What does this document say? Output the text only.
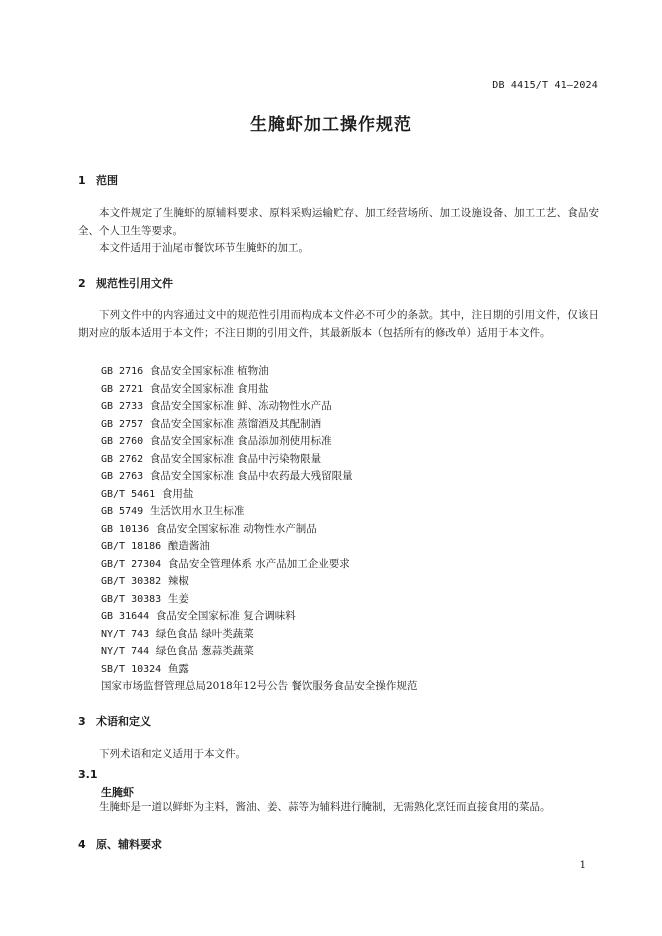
DB 4415/T 41—2024
生腌虾加工操作规范
1 范围

本文件规定了生腌虾的原辅料要求、原料采购运输贮存、加工经营场所、加工设施设备、加工工艺、食品安全、个人卫生等要求。

本文件适用于汕尾市餐饮环节生腌虾的加工。

2 规范性引用文件

下列文件中的内容通过文中的规范性引用而构成本文件必不可少的条款。其中，注日期的引用文件，仅该日期对应的版本适用于本文件；不注日期的引用文件，其最新版本（包括所有的修改单）适用于本文件。

GB 2716 食品安全国家标准 植物油
GB 2721 食品安全国家标准 食用盐
GB 2733 食品安全国家标准 鲜、冻动物性水产品
GB 2757 食品安全国家标准 蒸馏酒及其配制酒
GB 2760 食品安全国家标准 食品添加剂使用标准
GB 2762 食品安全国家标准 食品中污染物限量
GB 2763 食品安全国家标准 食品中农药最大残留限量
GB/T 5461 食用盐
GB 5749 生活饮用水卫生标准
GB 10136 食品安全国家标准 动物性水产制品
GB/T 18186 酿造酱油
GB/T 27304 食品安全管理体系 水产品加工企业要求
GB/T 30382 辣椒
GB/T 30383 生姜
GB 31644 食品安全国家标准 复合调味料
NY/T 743 绿色食品 绿叶类蔬菜
NY/T 744 绿色食品 葱蒜类蔬菜
SB/T 10324 鱼露
国家市场监督管理总局2018年12号公告 餐饮服务食品安全操作规范
3 术语和定义

下列术语和定义适用于本文件。

3.1
生腌虾

生腌虾是一道以鲜虾为主料，酱油、姜、蒜等为辅料进行腌制，无需熟化烹饪而直接食用的菜品。

4 原、辅料要求
1
